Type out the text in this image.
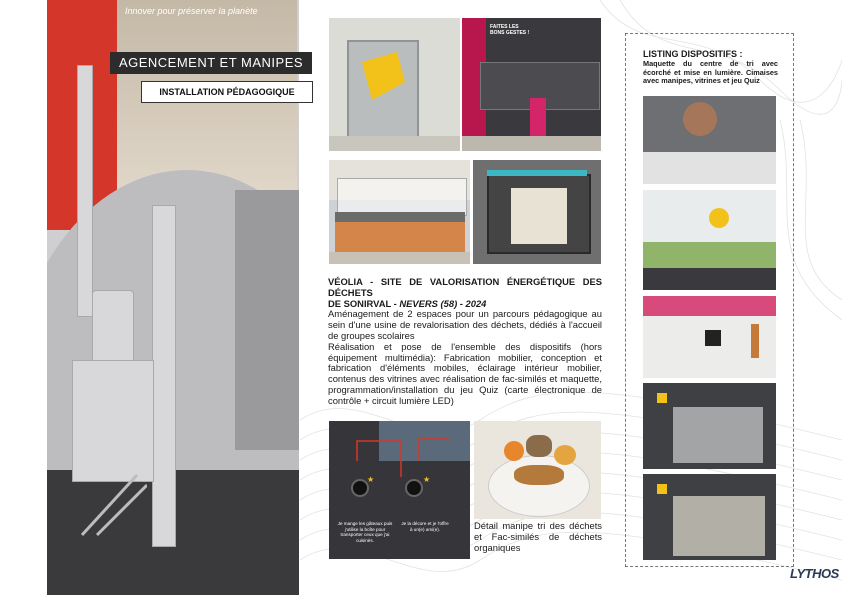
Innover pour préserver la planète
AGENCEMENT ET MANIPES
INSTALLATION PÉDAGOGIQUE
FAITES LES BONS GESTES !
VÉOLIA - SITE DE VALORISATION ÉNERGÉTIQUE DES DÉCHETS
DE SONIRVAL - NEVERS (58) - 2024

Aménagement de 2 espaces pour un parcours pédagogique au sein d'une usine de revalorisation des déchets, dédiés à l'accueil de groupes scolaires

Réalisation et pose de l'ensemble des dispositifs (hors équipement multimédia): Fabrication mobilier, conception et fabrication d'éléments mobiles, éclairage intérieur mobilier, contenus des vitrines avec réalisation de fac-similés et maquette, programmation/installation du jeu Quiz (carte électronique de contrôle + circuit lumière LED)

★	★
Je mange les gâteaux puis j'utilise la boîte pour transporter ceux que j'ai cuisinés.
Je la décore et je l'offre à un(e) ami(e).	Détail manipe tri des déchets et Fac-similés de déchets organiques
LISTING DISPOSITIFS :
Maquette du centre de tri avec écorché et mise en lumière. Cimaises avec manipes, vitrines et jeu Quiz
LYTHOS
